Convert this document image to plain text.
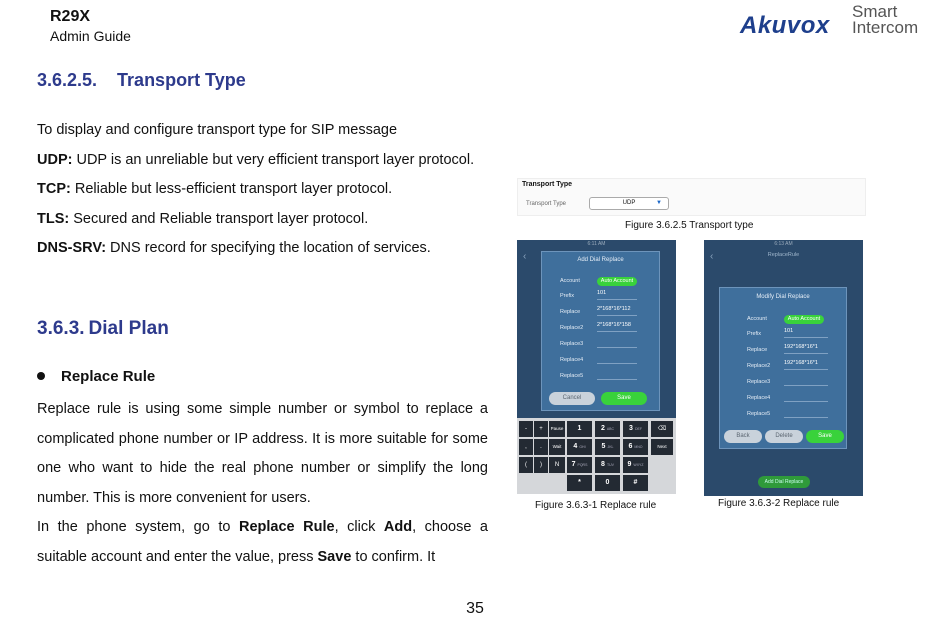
R29X
Admin Guide	Akuvox
Smart
Intercom
3.6.2.5. Transport Type

To display and configure transport type for SIP message

UDP: UDP is an unreliable but very efficient transport layer protocol.

TCP: Reliable but less-efficient transport layer protocol.

TLS: Secured and Reliable transport layer protocol.

DNS-SRV: DNS record for specifying the location of services.

3.6.3. Dial Plan
Replace Rule

Replace rule is using some simple number or symbol to replace a complicated phone number or IP address. It is more suitable for some one who want to hide the real phone number or simplify the long number. This is more convenient for users.

In the phone system, go to Replace Rule, click Add, choose a suitable account and enter the value, press Save to confirm. It

Transport Type
Transport Type	UDP	▼
Figure 3.6.2.5 Transport type
6:11 AM
‹	Add Dial Replace
Account	Auto Account
Prefix	101
Replace	2*168*16*112
Replace2	2*168*16*158
Replace3
Replace4
Replace5
Cancel	Save
-	+	Pause	1	2 ABC	3 DEF	⌫
,	.	Wait	4 GHI	5 JKL	6 MNO	Next
(	)	N	7 PQRS	8 TUV	9 WXYZ
*	0	#
Figure 3.6.3-1 Replace rule
6:13 AM
‹	ReplaceRule
Modify Dial Replace
Account	Auto Account
Prefix	101
Replace	192*168*16*1
Replace2	192*168*16*1
Replace3
Replace4
Replace5
Back	Delete	Save
Add Dial Replace
Figure 3.6.3-2 Replace rule
35
